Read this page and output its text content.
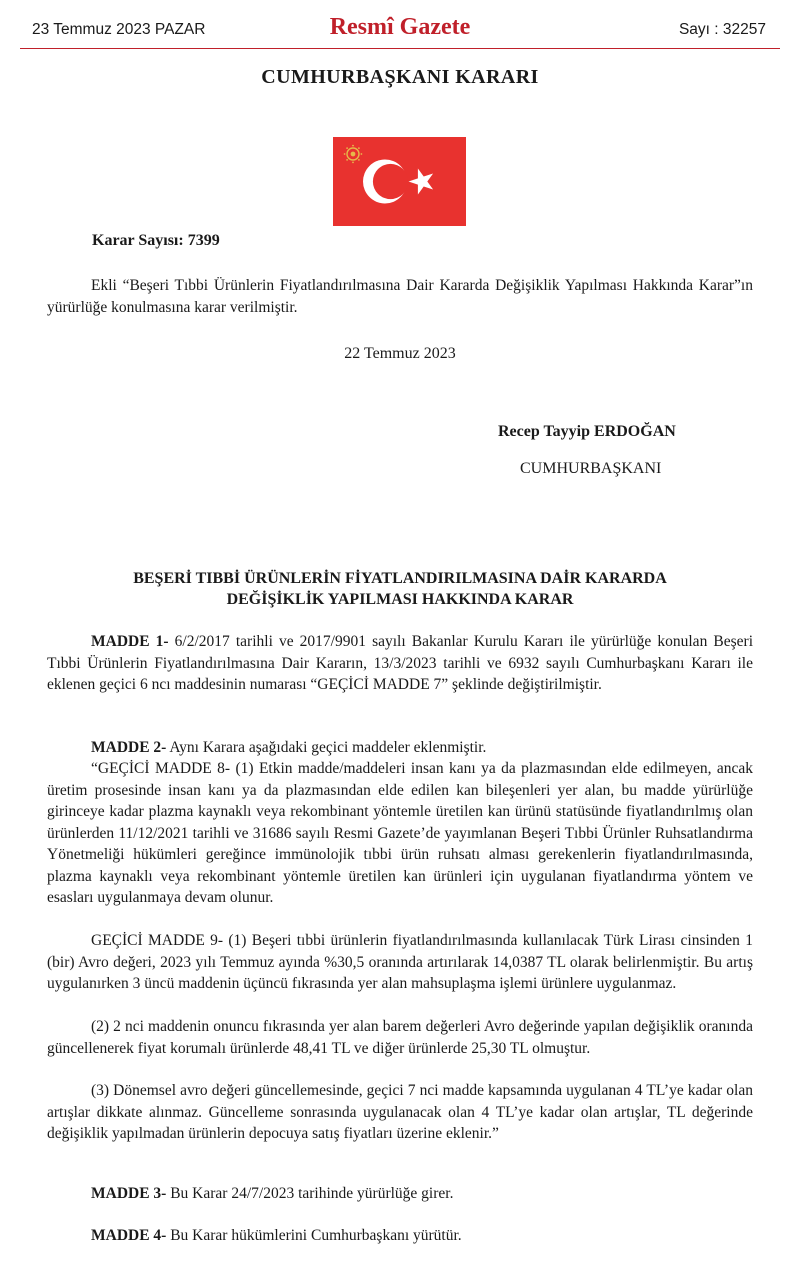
23 Temmuz 2023 PAZAR	Resmî Gazete	Sayı : 32257
CUMHURBAŞKANI KARARI
Karar Sayısı: 7399

Ekli “Beşeri Tıbbi Ürünlerin Fiyatlandırılmasına Dair Kararda Değişiklik Yapılması Hakkında Karar”ın yürürlüğe konulmasına karar verilmiştir.

22 Temmuz 2023
Recep Tayyip ERDOĞAN
CUMHURBAŞKANI
BEŞERİ TIBBİ ÜRÜNLERİN FİYATLANDIRILMASINA DAİR KARARDA
DEĞİŞİKLİK YAPILMASI HAKKINDA KARAR

MADDE 1- 6/2/2017 tarihli ve 2017/9901 sayılı Bakanlar Kurulu Kararı ile yürürlüğe konulan Beşeri Tıbbi Ürünlerin Fiyatlandırılmasına Dair Kararın, 13/3/2023 tarihli ve 6932 sayılı Cumhurbaşkanı Kararı ile eklenen geçici 6 ncı maddesinin numarası “GEÇİCİ MADDE 7” şeklinde değiştirilmiştir.

MADDE 2- Aynı Karara aşağıdaki geçici maddeler eklenmiştir.

“GEÇİCİ MADDE 8- (1) Etkin madde/maddeleri insan kanı ya da plazmasından elde edilmeyen, ancak üretim prosesinde insan kanı ya da plazmasından elde edilen kan bileşenleri yer alan, bu madde yürürlüğe girinceye kadar plazma kaynaklı veya rekombinant yöntemle üretilen kan ürünü statüsünde fiyatlandırılmış olan ürünlerden 11/12/2021 tarihli ve 31686 sayılı Resmi Gazete’de yayımlanan Beşeri Tıbbi Ürünler Ruhsatlandırma Yönetmeliği hükümleri gereğince immünolojik tıbbi ürün ruhsatı alması gerekenlerin fiyatlandırılmasında, plazma kaynaklı veya rekombinant yöntemle üretilen kan ürünleri için uygulanan fiyatlandırma yöntem ve esasları uygulanmaya devam olunur.

GEÇİCİ MADDE 9- (1) Beşeri tıbbi ürünlerin fiyatlandırılmasında kullanılacak Türk Lirası cinsinden 1 (bir) Avro değeri, 2023 yılı Temmuz ayında %30,5 oranında artırılarak 14,0387 TL olarak belirlenmiştir. Bu artış uygulanırken 3 üncü maddenin üçüncü fıkrasında yer alan mahsuplaşma işlemi ürünlere uygulanmaz.

(2) 2 nci maddenin onuncu fıkrasında yer alan barem değerleri Avro değerinde yapılan değişiklik oranında güncellenerek fiyat korumalı ürünlerde 48,41 TL ve diğer ürünlerde 25,30 TL olmuştur.

(3) Dönemsel avro değeri güncellemesinde, geçici 7 nci madde kapsamında uygulanan 4 TL’ye kadar olan artışlar dikkate alınmaz. Güncelleme sonrasında uygulanacak olan 4 TL’ye kadar olan artışlar, TL değerinde değişiklik yapılmadan ürünlerin depocuya satış fiyatları üzerine eklenir.”

MADDE 3- Bu Karar 24/7/2023 tarihinde yürürlüğe girer.

MADDE 4- Bu Karar hükümlerini Cumhurbaşkanı yürütür.
